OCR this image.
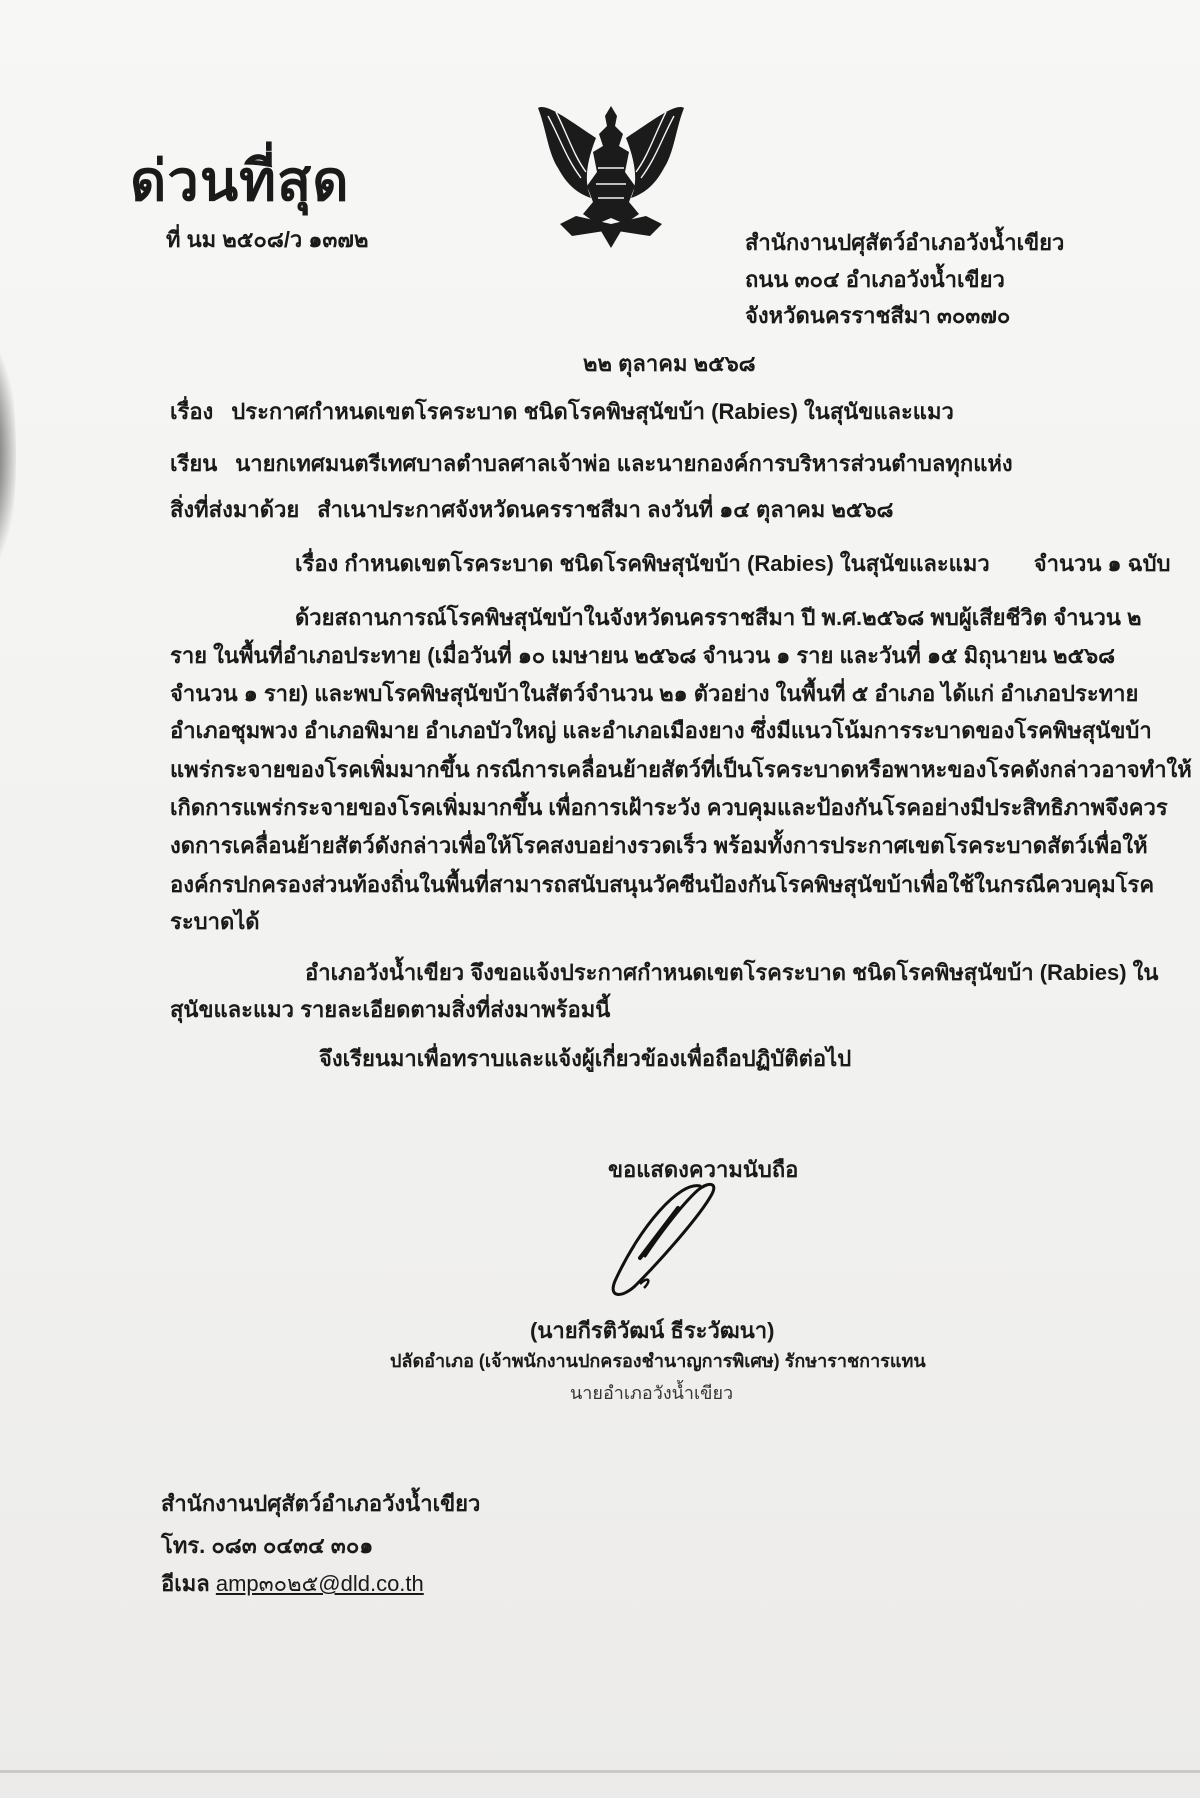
ด่วนที่สุด
ที่ นม ๒๕๐๘/ว ๑๓๗๒	สำนักงานปศุสัตว์อำเภอวังน้ำเขียว
ถนน ๓๐๔ อำเภอวังน้ำเขียว
จังหวัดนครราชสีมา ๓๐๓๗๐
๒๒ ตุลาคม ๒๕๖๘
เรื่อง ประกาศกำหนดเขตโรคระบาด ชนิดโรคพิษสุนัขบ้า (Rabies) ในสุนัขและแมว
เรียน นายกเทศมนตรีเทศบาลตำบลศาลเจ้าพ่อ และนายกองค์การบริหารส่วนตำบลทุกแห่ง
สิ่งที่ส่งมาด้วย สำเนาประกาศจังหวัดนครราชสีมา ลงวันที่ ๑๔ ตุลาคม ๒๕๖๘
เรื่อง กำหนดเขตโรคระบาด ชนิดโรคพิษสุนัขบ้า (Rabies) ในสุนัขและแมว จำนวน ๑ ฉบับ
ด้วยสถานการณ์โรคพิษสุนัขบ้าในจังหวัดนครราชสีมา ปี พ.ศ.๒๕๖๘ พบผู้เสียชีวิต จำนวน ๒
ราย ในพื้นที่อำเภอประทาย (เมื่อวันที่ ๑๐ เมษายน ๒๕๖๘ จำนวน ๑ ราย และวันที่ ๑๕ มิถุนายน ๒๕๖๘
จำนวน ๑ ราย) และพบโรคพิษสุนัขบ้าในสัตว์จำนวน ๒๑ ตัวอย่าง ในพื้นที่ ๕ อำเภอ ได้แก่ อำเภอประทาย
อำเภอชุมพวง อำเภอพิมาย อำเภอบัวใหญ่ และอำเภอเมืองยาง ซึ่งมีแนวโน้มการระบาดของโรคพิษสุนัขบ้า
แพร่กระจายของโรคเพิ่มมากขึ้น กรณีการเคลื่อนย้ายสัตว์ที่เป็นโรคระบาดหรือพาหะของโรคดังกล่าวอาจทำให้
เกิดการแพร่กระจายของโรคเพิ่มมากขึ้น เพื่อการเฝ้าระวัง ควบคุมและป้องกันโรคอย่างมีประสิทธิภาพจึงควร
งดการเคลื่อนย้ายสัตว์ดังกล่าวเพื่อให้โรคสงบอย่างรวดเร็ว พร้อมทั้งการประกาศเขตโรคระบาดสัตว์เพื่อให้
องค์กรปกครองส่วนท้องถิ่นในพื้นที่สามารถสนับสนุนวัคซีนป้องกันโรคพิษสุนัขบ้าเพื่อใช้ในกรณีควบคุมโรค
ระบาดได้
อำเภอวังน้ำเขียว จึงขอแจ้งประกาศกำหนดเขตโรคระบาด ชนิดโรคพิษสุนัขบ้า (Rabies) ใน
สุนัขและแมว รายละเอียดตามสิ่งที่ส่งมาพร้อมนี้
จึงเรียนมาเพื่อทราบและแจ้งผู้เกี่ยวข้องเพื่อถือปฏิบัติต่อไป
ขอแสดงความนับถือ
(นายกีรติวัฒน์ ธีระวัฒนา)
ปลัดอำเภอ (เจ้าพนักงานปกครองชำนาญการพิเศษ) รักษาราชการแทน
นายอำเภอวังน้ำเขียว
สำนักงานปศุสัตว์อำเภอวังน้ำเขียว
โทร. ๐๘๓ ๐๔๓๔ ๓๐๑
อีเมล amp๓๐๒๕@dld.co.th
